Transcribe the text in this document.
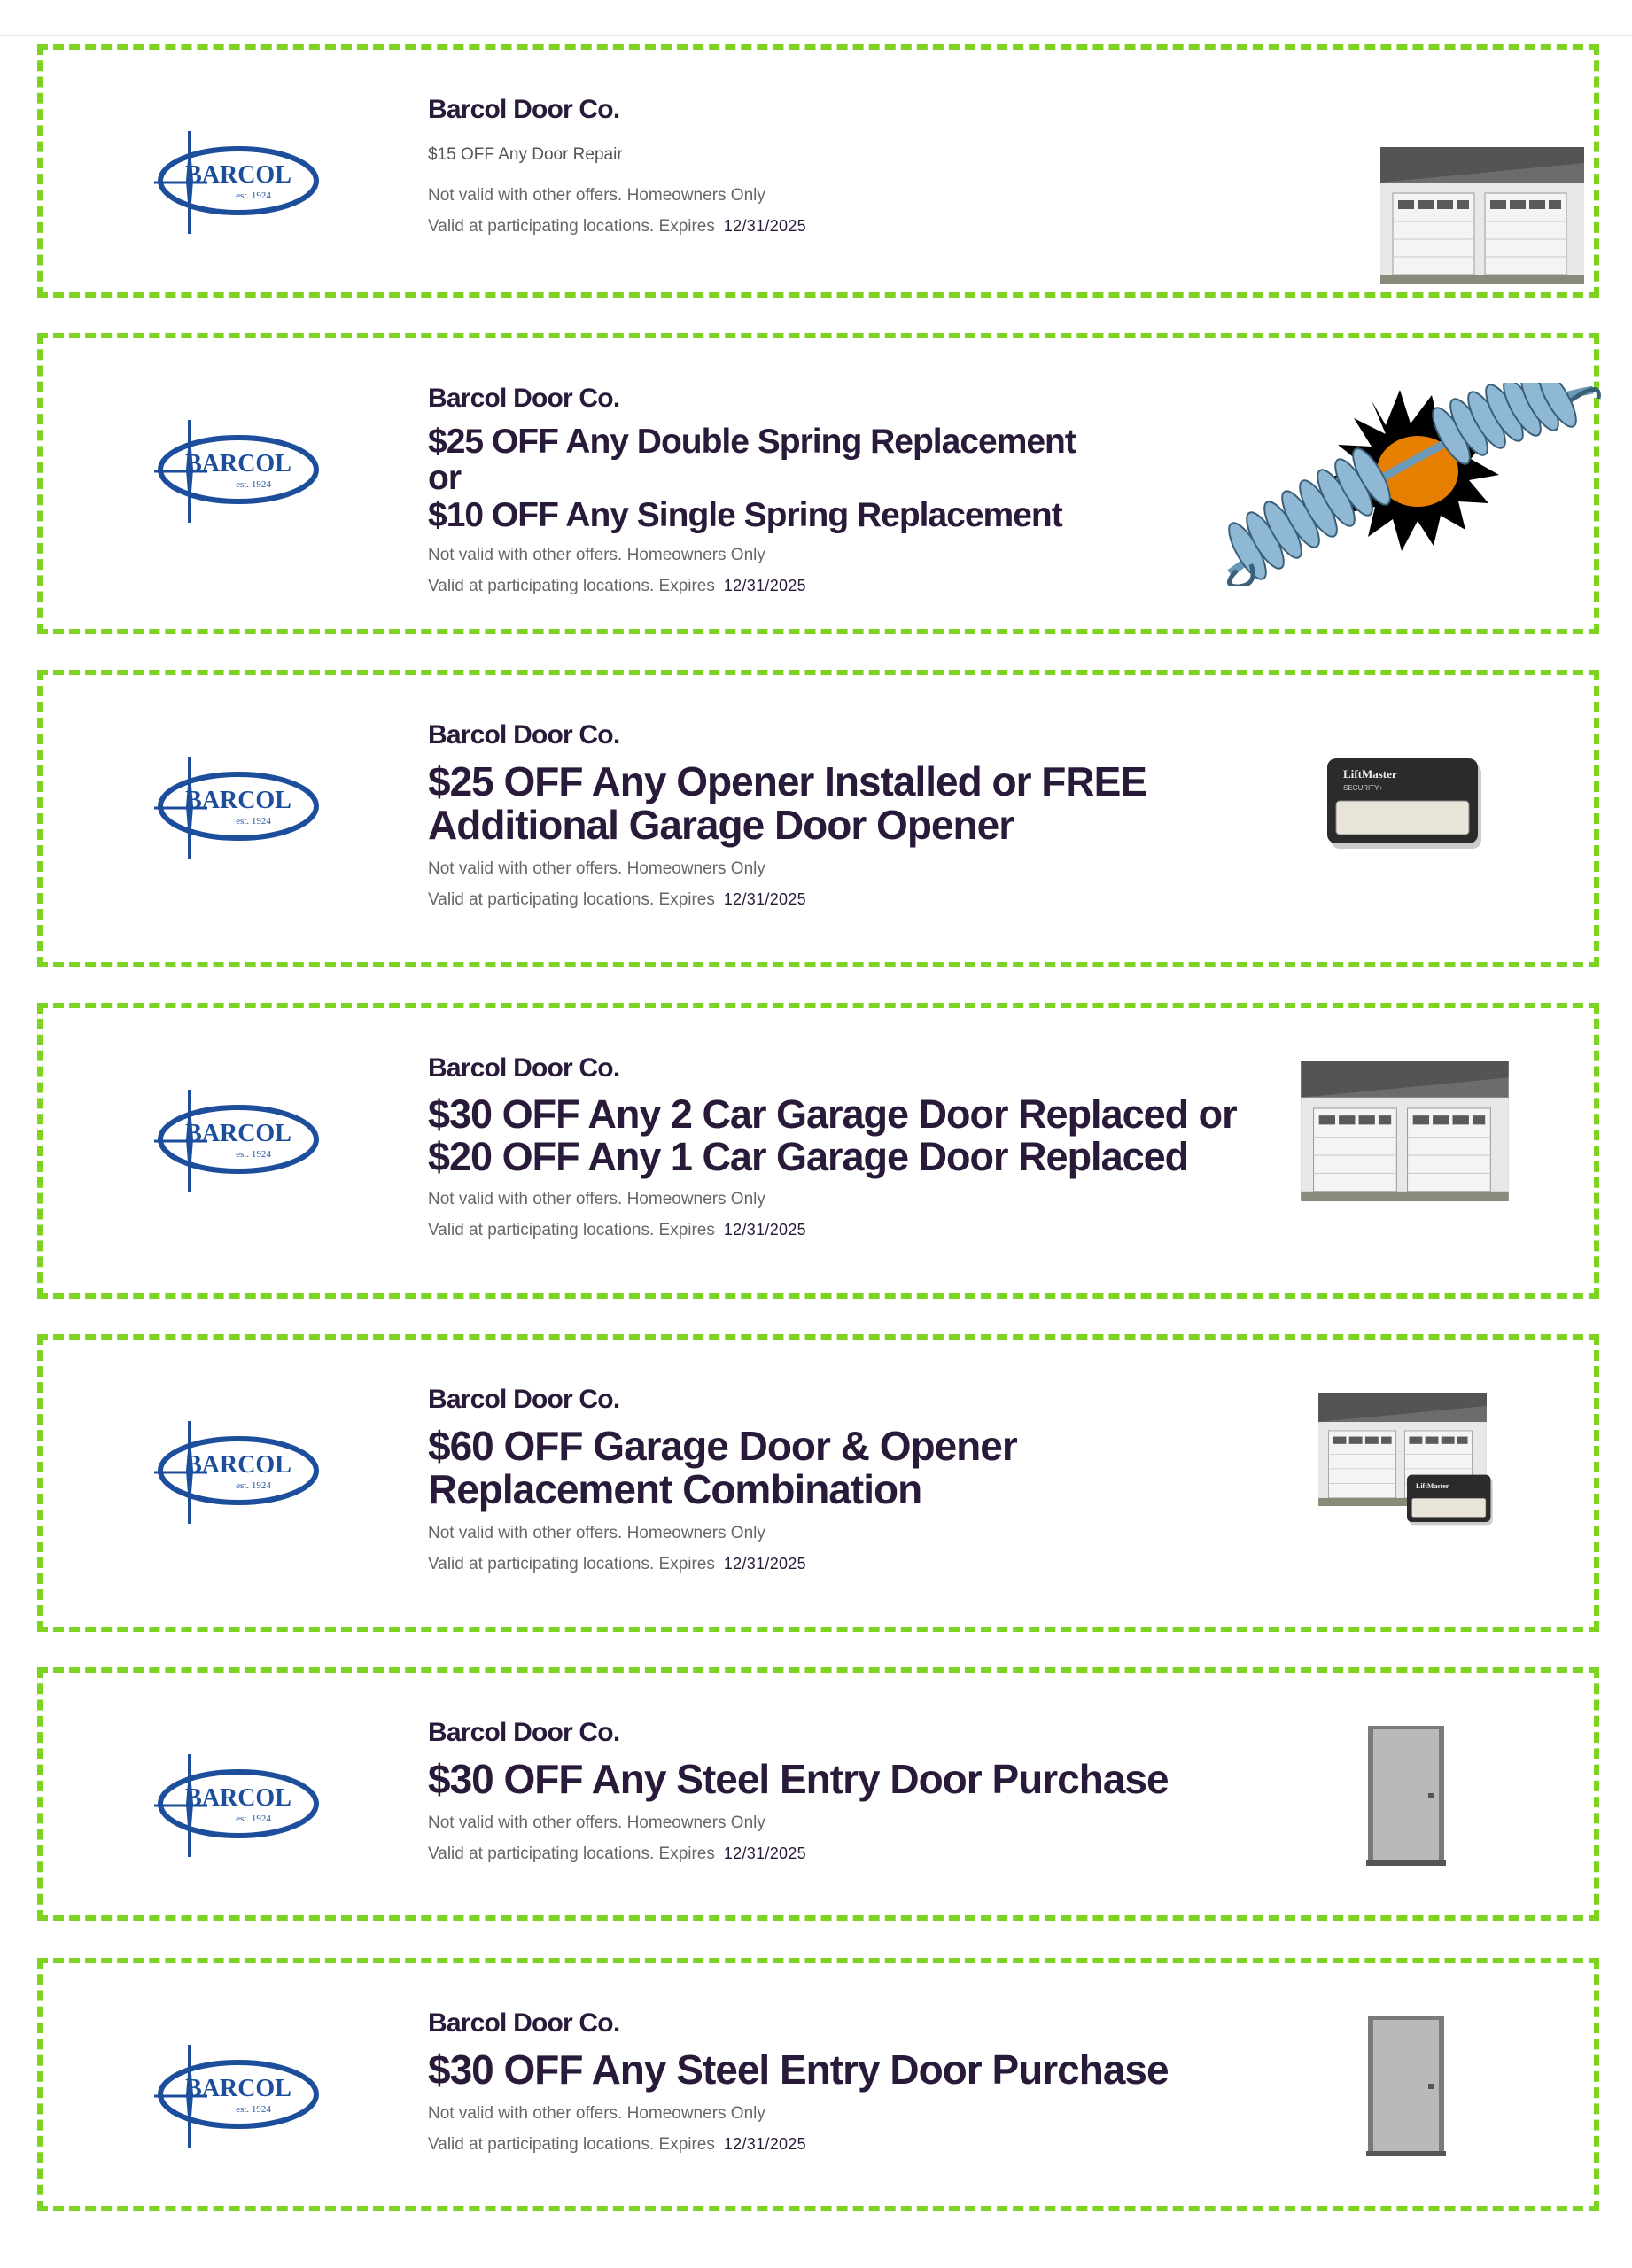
BARCOL
est. 1924

Barcol Door Co.

$15 OFF Any Door Repair
Not valid with other offers. Homeowners Only
Valid at participating locations. Expires 12/31/2025
BARCOL
est. 1924

Barcol Door Co.

$25 OFF Any Double Spring Replacement or
$10 OFF Any Single Spring Replacement
Not valid with other offers. Homeowners Only
Valid at participating locations. Expires 12/31/2025
BARCOL
est. 1924

Barcol Door Co.

$25 OFF Any Opener Installed or FREE
Additional Garage Door Opener
Not valid with other offers. Homeowners Only
Valid at participating locations. Expires 12/31/2025
LiftMaster
SECURITY+
BARCOL
est. 1924

Barcol Door Co.

$30 OFF Any 2 Car Garage Door Replaced or
$20 OFF Any 1 Car Garage Door Replaced
Not valid with other offers. Homeowners Only
Valid at participating locations. Expires 12/31/2025
BARCOL
est. 1924

Barcol Door Co.

$60 OFF Garage Door & Opener
Replacement Combination
Not valid with other offers. Homeowners Only
Valid at participating locations. Expires 12/31/2025
LiftMaster
BARCOL
est. 1924

Barcol Door Co.

$30 OFF Any Steel Entry Door Purchase
Not valid with other offers. Homeowners Only
Valid at participating locations. Expires 12/31/2025
BARCOL
est. 1924

Barcol Door Co.

$30 OFF Any Steel Entry Door Purchase
Not valid with other offers. Homeowners Only
Valid at participating locations. Expires 12/31/2025
